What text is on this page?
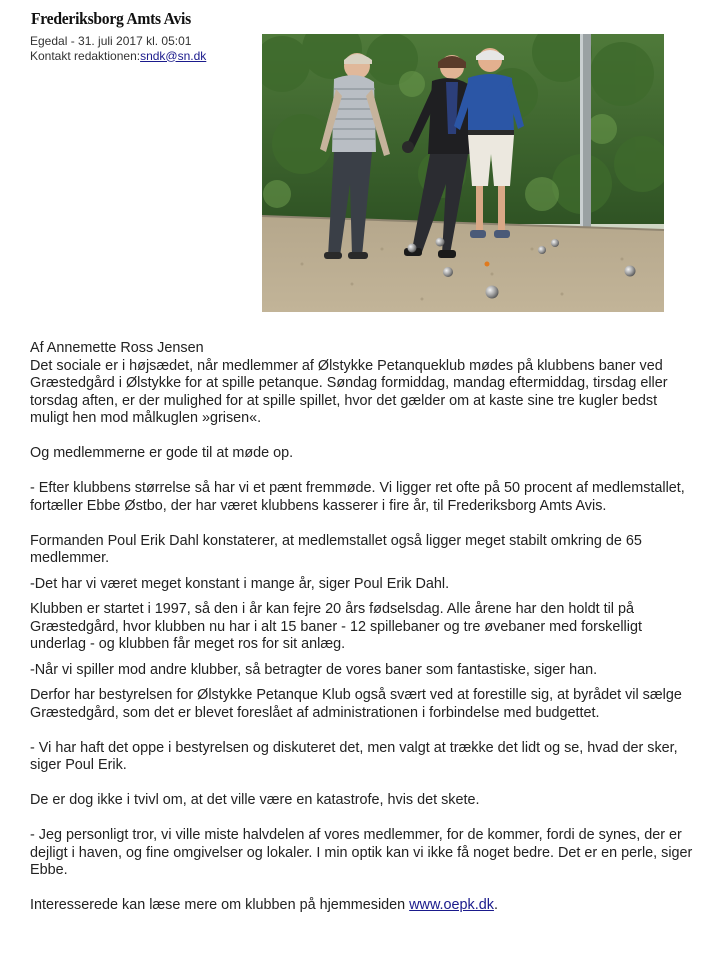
Frederiksborg Amts Avis
Egedal - 31. juli 2017 kl. 05:01
Kontakt redaktionen:sndk@sn.dk

Af Annemette Ross Jensen

Det sociale er i højsædet, når medlemmer af Ølstykke Petanqueklub mødes på klubbens baner ved Græstedgård i Ølstykke for at spille petanque. Søndag formiddag, mandag eftermiddag, tirsdag eller torsdag aften, er der mulighed for at spille spillet, hvor det gælder om at kaste sine tre kugler bedst muligt hen mod målkuglen »grisen«.

Og medlemmerne er gode til at møde op.

- Efter klubbens størrelse så har vi et pænt fremmøde. Vi ligger ret ofte på 50 procent af medlemstallet, fortæller Ebbe Østbo, der har været klubbens kasserer i fire år, til Frederiksborg Amts Avis.

Formanden Poul Erik Dahl konstaterer, at medlemstallet også ligger meget stabilt omkring de 65 medlemmer.

-Det har vi været meget konstant i mange år, siger Poul Erik Dahl.

Klubben er startet i 1997, så den i år kan fejre 20 års fødselsdag. Alle årene har den holdt til på Græstedgård, hvor klubben nu har i alt 15 baner - 12 spillebaner og tre øvebaner med forskelligt underlag - og klubben får meget ros for sit anlæg.

-Når vi spiller mod andre klubber, så betragter de vores baner som fantastiske, siger han.

Derfor har bestyrelsen for Ølstykke Petanque Klub også svært ved at forestille sig, at byrådet vil sælge Græstedgård, som det er blevet foreslået af administrationen i forbindelse med budgettet.

- Vi har haft det oppe i bestyrelsen og diskuteret det, men valgt at trække det lidt og se, hvad der sker, siger Poul Erik.

De er dog ikke i tvivl om, at det ville være en katastrofe, hvis det skete.

- Jeg personligt tror, vi ville miste halvdelen af vores medlemmer, for de kommer, fordi de synes, der er dejligt i haven, og fine omgivelser og lokaler. I min optik kan vi ikke få noget bedre. Det er en perle, siger Ebbe.

Interesserede kan læse mere om klubben på hjemmesiden www.oepk.dk.
